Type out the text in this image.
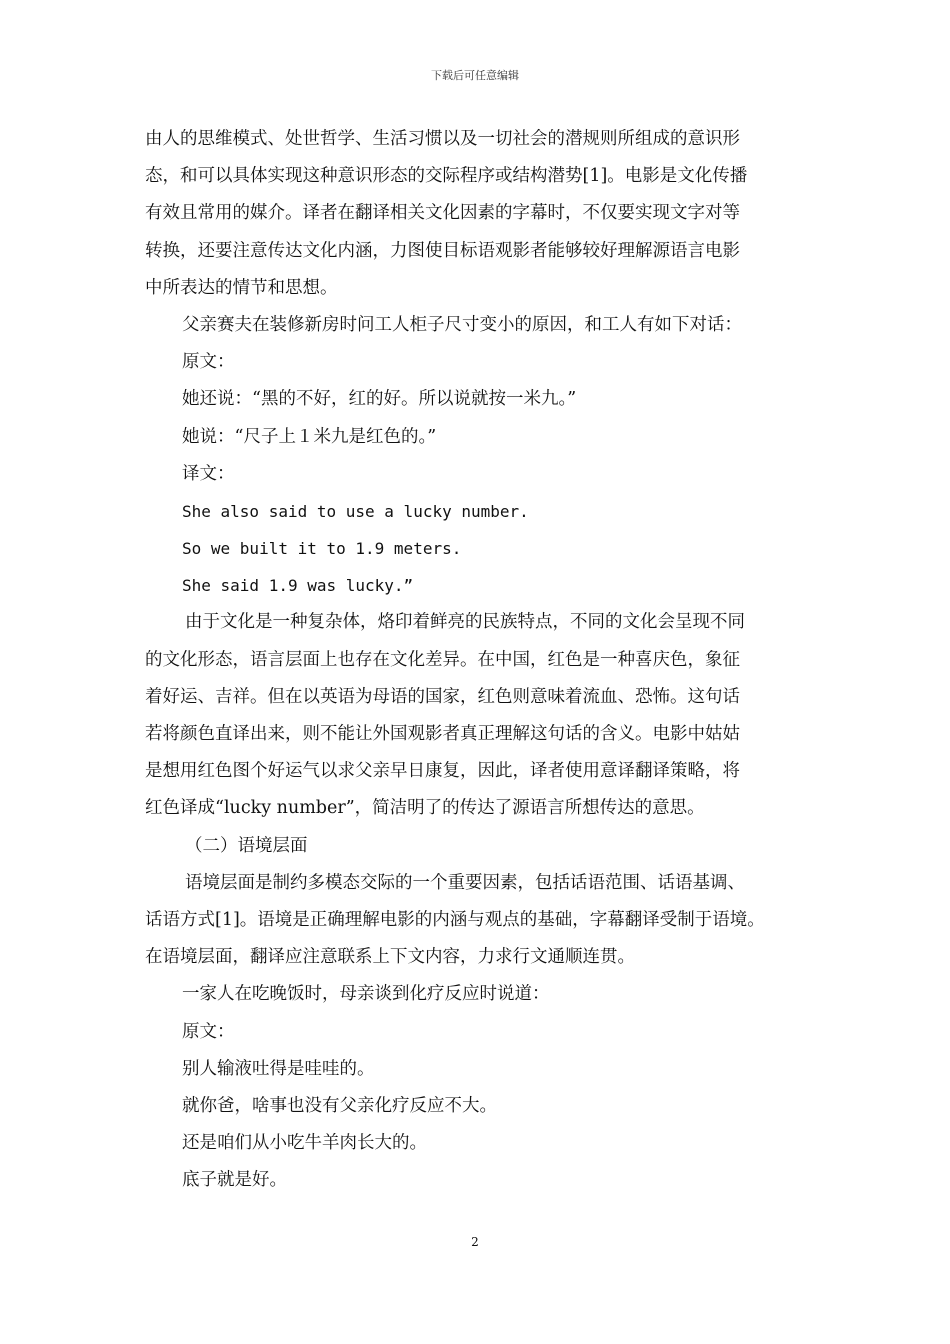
下载后可任意编辑
由人的思维模式、处世哲学、生活习惯以及一切社会的潜规则所组成的意识形
态，和可以具体实现这种意识形态的交际程序或结构潜势[1]。电影是文化传播
有效且常用的媒介。译者在翻译相关文化因素的字幕时，不仅要实现文字对等
转换，还要注意传达文化内涵，力图使目标语观影者能够较好理解源语言电影
中所表达的情节和思想。
父亲赛夫在装修新房时问工人柜子尺寸变小的原因，和工人有如下对话：
原文：
她还说：“黑的不好，红的好。所以说就按一米九。”
她说：“尺子上１米九是红色的。”
译文：
She also said to use a lucky number.
So we built it to 1.9 meters.
She said 1.9 was lucky.”
由于文化是一种复杂体，烙印着鲜亮的民族特点，不同的文化会呈现不同
的文化形态，语言层面上也存在文化差异。在中国，红色是一种喜庆色，象征
着好运、吉祥。但在以英语为母语的国家，红色则意味着流血、恐怖。这句话
若将颜色直译出来，则不能让外国观影者真正理解这句话的含义。电影中姑姑
是想用红色图个好运气以求父亲早日康复，因此，译者使用意译翻译策略，将
红色译成“lucky number”，简洁明了的传达了源语言所想传达的意思。
（二）语境层面
语境层面是制约多模态交际的一个重要因素，包括话语范围、话语基调、
话语方式[1]。语境是正确理解电影的内涵与观点的基础，字幕翻译受制于语境。
在语境层面，翻译应注意联系上下文内容，力求行文通顺连贯。
一家人在吃晚饭时，母亲谈到化疗反应时说道：
原文：
别人输液吐得是哇哇的。
就你爸，啥事也没有父亲化疗反应不大。
还是咱们从小吃牛羊肉长大的。
底子就是好。
2
